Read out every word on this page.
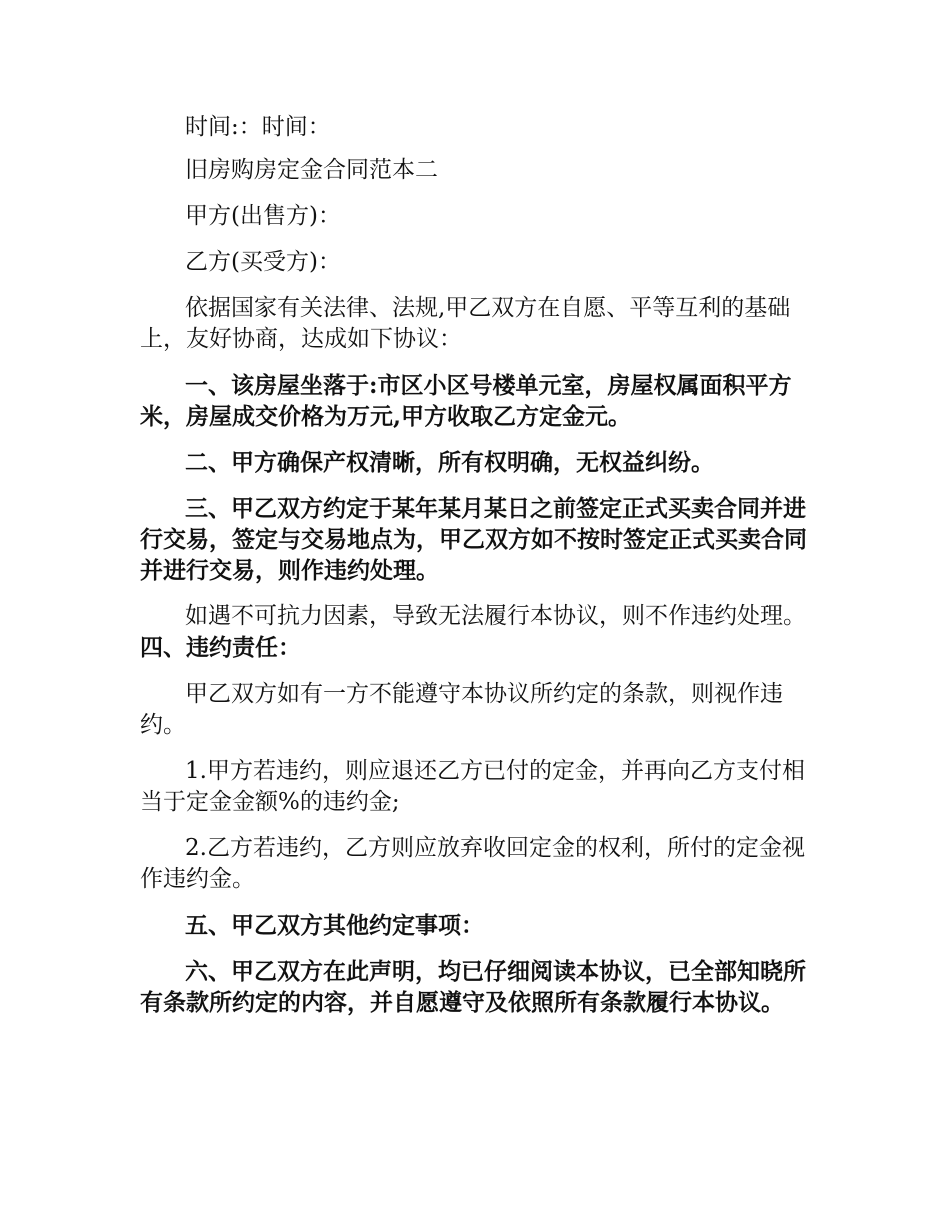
时间:：时间：

旧房购房定金合同范本二

甲方(出售方)：

乙方(买受方)：

依据国家有关法律、法规,甲乙双方在自愿、平等互利的基础上，友好协商，达成如下协议：

一、该房屋坐落于:市区小区号楼单元室，房屋权属面积平方米，房屋成交价格为万元,甲方收取乙方定金元。

二、甲方确保产权清晰，所有权明确，无权益纠纷。

三、甲乙双方约定于某年某月某日之前签定正式买卖合同并进行交易，签定与交易地点为，甲乙双方如不按时签定正式买卖合同并进行交易，则作违约处理。

如遇不可抗力因素，导致无法履行本协议，则不作违约处理。四、违约责任：

甲乙双方如有一方不能遵守本协议所约定的条款，则视作违约。

1.甲方若违约，则应退还乙方已付的定金，并再向乙方支付相当于定金金额%的违约金;

2.乙方若违约，乙方则应放弃收回定金的权利，所付的定金视作违约金。

五、甲乙双方其他约定事项：

六、甲乙双方在此声明，均已仔细阅读本协议，已全部知晓所有条款所约定的内容，并自愿遵守及依照所有条款履行本协议。
